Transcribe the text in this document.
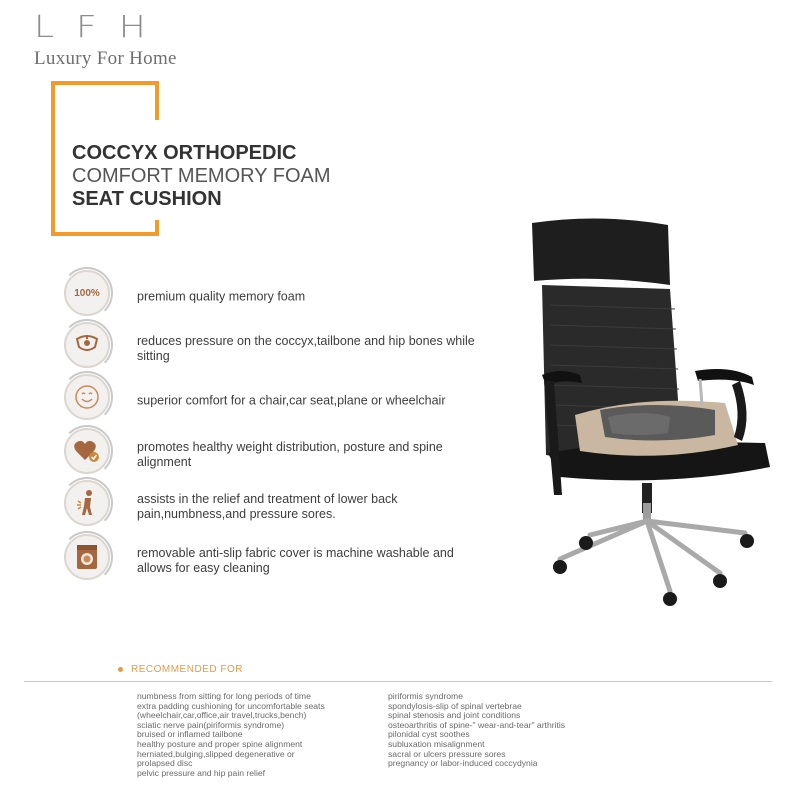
LFH
Luxury For Home
COCCYX ORTHOPEDIC
COMFORT MEMORY FOAM
SEAT CUSHION
100%	premium quality memory foam
reduces pressure on the coccyx,tailbone and hip bones while sitting
superior comfort for a chair,car seat,plane or wheelchair
promotes healthy weight distribution, posture and spine alignment
assists in the relief and treatment of lower back pain,numbness,and pressure sores.
removable anti-slip fabric cover is machine washable and allows for easy cleaning
RECOMMENDED FOR
numbness from sitting for long periods of time
extra padding cushioning for uncomfortable seats
(wheelchair,car,office,air travel,trucks,bench)
sciatic nerve pain(piriformis syndrome)
bruised or inflamed tailbone
healthy posture and proper spine alignment
herniated,bulging,slipped degenerative or
prolapsed disc
pelvic pressure and hip pain relief
piriformis syndrome
spondylosis-slip of spinal vertebrae
spinal stenosis and joint conditions
osteoarthritis of spine-" wear-and-tear" arthritis
pilonidal cyst soothes
subluxation misalignment
sacral or ulcers pressure sores
pregnancy or labor-induced coccydynia
